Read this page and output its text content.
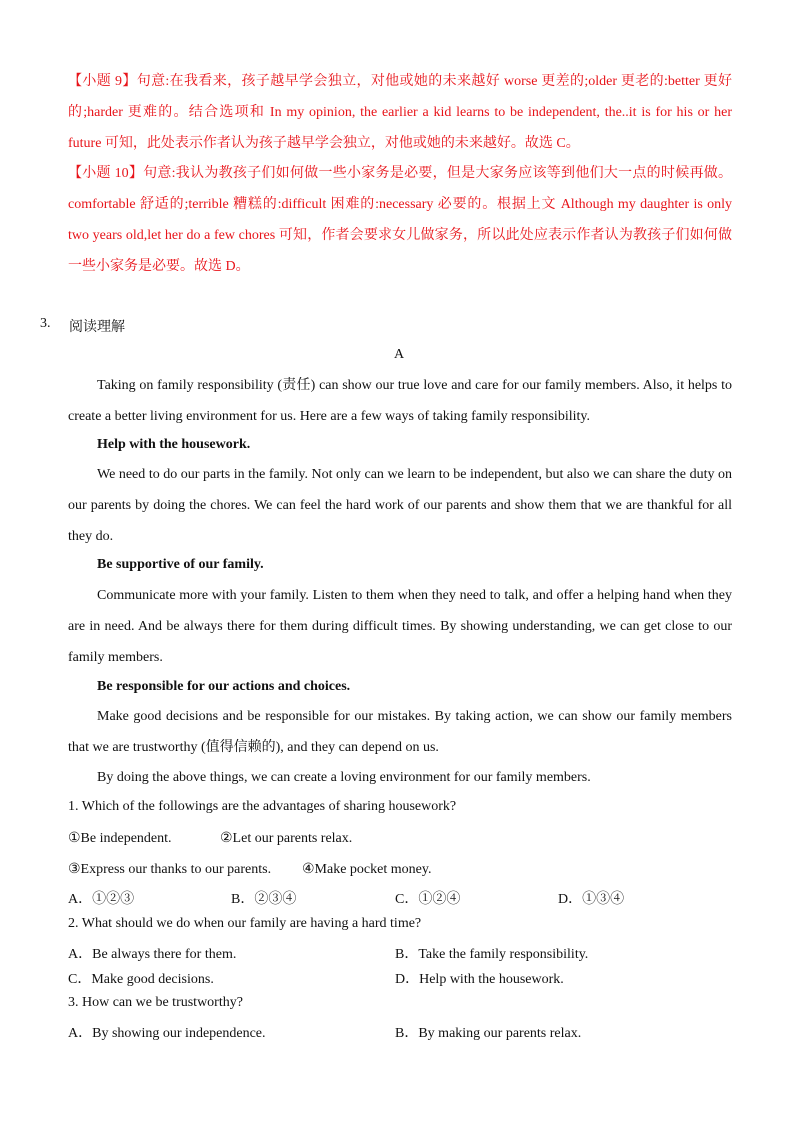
【小题 9】句意:在我看来，孩子越早学会独立，对他或她的未来越好 worse 更差的;older 更老的:better 更好的;harder 更难的。结合选项和 In my opinion, the earlier a kid learns to be independent, the..it is for his or her future 可知，此处表示作者认为孩子越早学会独立，对他或她的未来越好。故选 C。
【小题 10】句意:我认为教孩子们如何做一些小家务是必要，但是大家务应该等到他们大一点的时候再做。comfortable 舒适的;terrible 糟糕的:difficult 困难的:necessary 必要的。根据上文 Although my daughter is only two years old,let her do a few chores 可知，作者会要求女儿做家务，所以此处应表示作者认为教孩子们如何做一些小家务是必要。故选 D。
3. 阅读理解
A
Taking on family responsibility (责任) can show our true love and care for our family members. Also, it helps to create a better living environment for us. Here are a few ways of taking family responsibility.
Help with the housework.
We need to do our parts in the family. Not only can we learn to be independent, but also we can share the duty on our parents by doing the chores. We can feel the hard work of our parents and show them that we are thankful for all they do.
Be supportive of our family.
Communicate more with your family. Listen to them when they need to talk, and offer a helping hand when they are in need. And be always there for them during difficult times. By showing understanding, we can get close to our family members.
Be responsible for our actions and choices.
Make good decisions and be responsible for our mistakes. By taking action, we can show our family members that we are trustworthy (值得信赖的), and they can depend on us.
By doing the above things, we can create a loving environment for our family members.
1. Which of the followings are the advantages of sharing housework?
①Be independent.	②Let our parents relax.
③Express our thanks to our parents. ④Make pocket money.
A．①②③	B．②③④	C．①②④	D．①③④
2. What should we do when our family are having a hard time?
A．Be always there for them.	B．Take the family responsibility.
C．Make good decisions.	D．Help with the housework.
3. How can we be trustworthy?
A．By showing our independence.	B．By making our parents relax.
